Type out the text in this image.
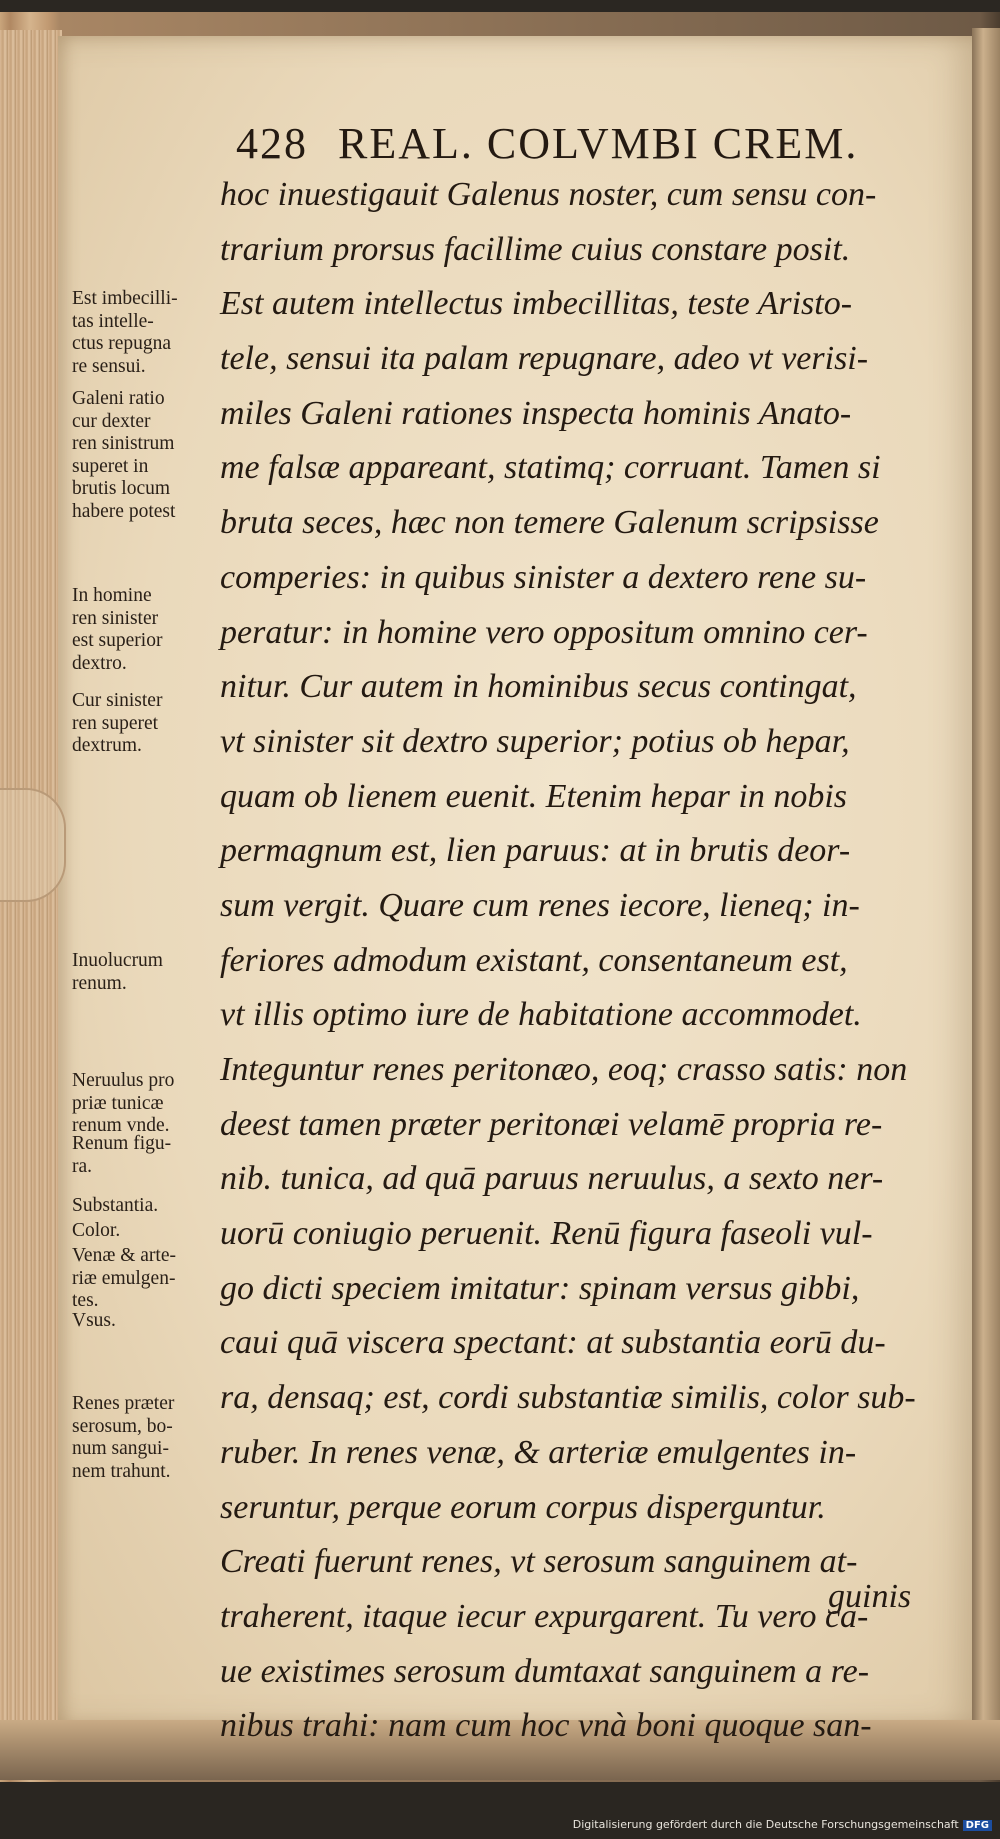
428 REAL. COLVMBI CREM.
hoc inuestigauit Galenus noster, cum sensu con-
trarium prorsus facillime cuius constare posit.
Est autem intellectus imbecillitas, teste Aristo-
tele, sensui ita palam repugnare, adeo vt verisi-
miles Galeni rationes inspecta hominis Anato-
me falsæ appareant, statimq; corruant. Tamen si
bruta seces, hæc non temere Galenum scripsisse
comperies: in quibus sinister a dextero rene su-
peratur: in homine vero oppositum omnino cer-
nitur. Cur autem in hominibus secus contingat,
vt sinister sit dextro superior; potius ob hepar,
quam ob lienem euenit. Etenim hepar in nobis
permagnum est, lien paruus: at in brutis deor-
sum vergit. Quare cum renes iecore, lieneq; in-
feriores admodum existant, consentaneum est,
vt illis optimo iure de habitatione accommodet.
Integuntur renes peritonæo, eoq; crasso satis: non
deest tamen præter peritonæi velamē propria re-
nib. tunica, ad quā paruus neruulus, a sexto ner-
uorū coniugio peruenit. Renū figura faseoli vul-
go dicti speciem imitatur: spinam versus gibbi,
caui quā viscera spectant: at substantia eorū du-
ra, densaq; est, cordi substantiæ similis, color sub-
ruber. In renes venæ, & arteriæ emulgentes in-
seruntur, perque eorum corpus disperguntur.
Creati fuerunt renes, vt serosum sanguinem at-
traherent, itaque iecur expurgarent. Tu vero ca-
ue existimes serosum dumtaxat sanguinem a re-
nibus trahi: nam cum hoc vnà boni quoque san-
guinis
Est imbecilli-
tas intelle-
ctus repugna
re sensui.
Galeni ratio
cur dexter
ren sinistrum
superet in
brutis locum
habere potest
In homine
ren sinister
est superior
dextro.
Cur sinister
ren superet
dextrum.
Inuolucrum
renum.
Neruulus pro
priæ tunicæ
renum vnde.
Renum figu-
ra.
Substantia.
Color.
Venæ & arte-
riæ emulgen-
tes.
Vsus.
Renes præter
serosum, bo-
num sangui-
nem trahunt.
Digitalisierung gefördert durch die Deutsche Forschungsgemeinschaft DFG
